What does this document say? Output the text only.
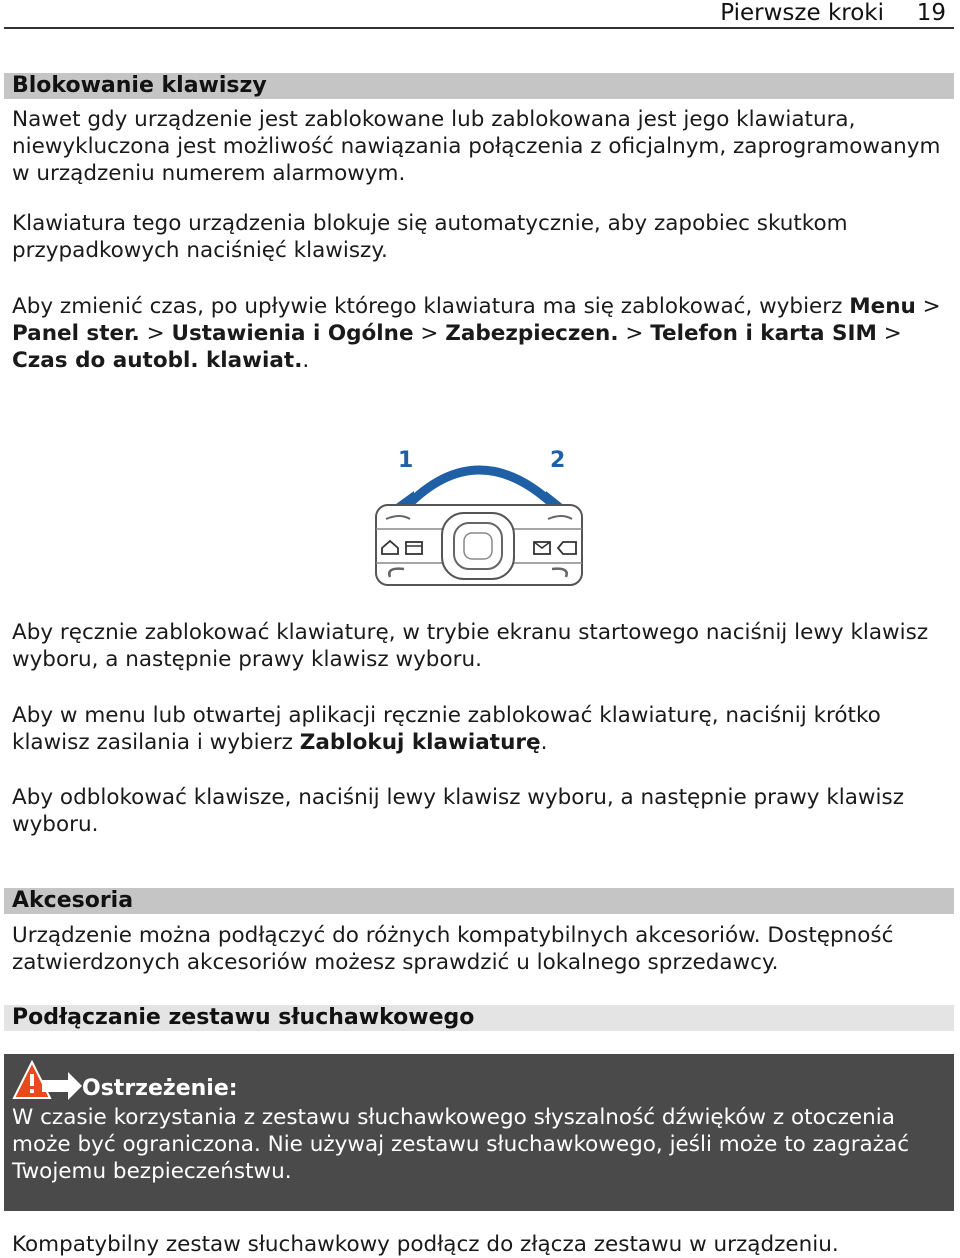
Pierwsze kroki 19
Blokowanie klawiszy

Nawet gdy urządzenie jest zablokowane lub zablokowana jest jego klawiatura, niewykluczona jest możliwość nawiązania połączenia z oficjalnym, zaprogramowanym w urządzeniu numerem alarmowym.

Klawiatura tego urządzenia blokuje się automatycznie, aby zapobiec skutkom przypadkowych naciśnięć klawiszy.

Aby zmienić czas, po upływie którego klawiatura ma się zablokować, wybierz Menu > Panel ster. > Ustawienia i Ogólne > Zabezpieczen. > Telefon i karta SIM > Czas do autobl. klawiat..

1	2

Aby ręcznie zablokować klawiaturę, w trybie ekranu startowego naciśnij lewy klawisz wyboru, a następnie prawy klawisz wyboru.

Aby w menu lub otwartej aplikacji ręcznie zablokować klawiaturę, naciśnij krótko klawisz zasilania i wybierz Zablokuj klawiaturę.

Aby odblokować klawisze, naciśnij lewy klawisz wyboru, a następnie prawy klawisz wyboru.

Akcesoria

Urządzenie można podłączyć do różnych kompatybilnych akcesoriów. Dostępność zatwierdzonych akcesoriów możesz sprawdzić u lokalnego sprzedawcy.

Podłączanie zestawu słuchawkowego
Ostrzeżenie:

W czasie korzystania z zestawu słuchawkowego słyszalność dźwięków z otoczenia może być ograniczona. Nie używaj zestawu słuchawkowego, jeśli może to zagrażać Twojemu bezpieczeństwu.

Kompatybilny zestaw słuchawkowy podłącz do złącza zestawu w urządzeniu.
